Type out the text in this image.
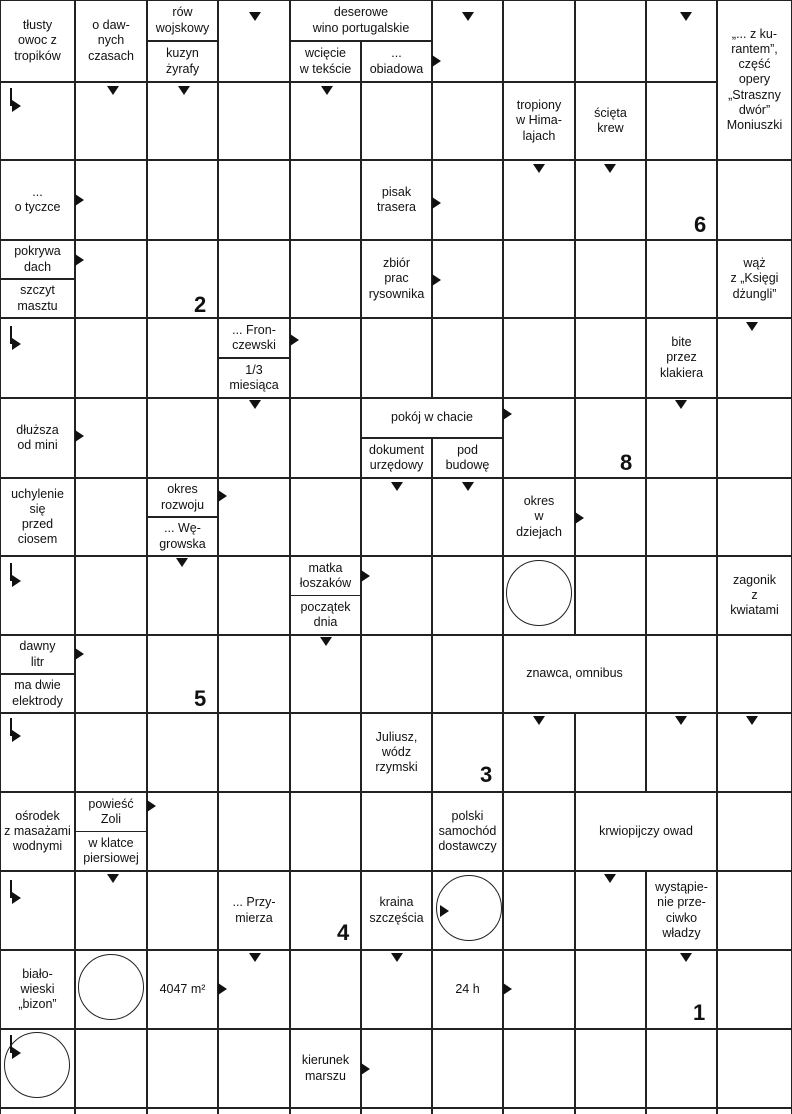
tłusty
owoc z
tropików
o daw-
nych
czasach
rów
wojskowy
kuzyn
żyrafy
deserowe
wino portugalskie
wcięcie
w tekście
...
obiadowa
„... z ku-
rantem”,
część
opery
„Straszny
dwór”
Moniuszki
tropiony
w Hima-
lajach
ścięta
krew
...
o tyczce
pisak
trasera
pokrywa
dach
szczyt
masztu
zbiór
prac
rysownika
wąż
z „Księgi
dżungli”
... Fron-
czewski
1/3
miesiąca
bite
przez
klakiera
dłuższa
od mini
pokój w chacie
dokument
urzędowy
pod
budowę
uchylenie
się
przed
ciosem
okres
rozwoju
... Wę-
growska
okres
w
dziejach
matka
łoszaków
początek
dnia
zagonik
z
kwiatami
dawny
litr
ma dwie
elektrody
znawca, omnibus
Juliusz,
wódz
rzymski
ośrodek
z masażami
wodnymi
powieść
Zoli
w klatce
piersiowej
polski
samochód
dostawczy
krwiopijczy owad
... Przy-
mierza
kraina
szczęścia
wystąpie-
nie prze-
ciwko
władzy
biało-
wieski
„bizon”
4047 m²	24 h
kierunek
marszu
6
2
8
5
3
4
1
